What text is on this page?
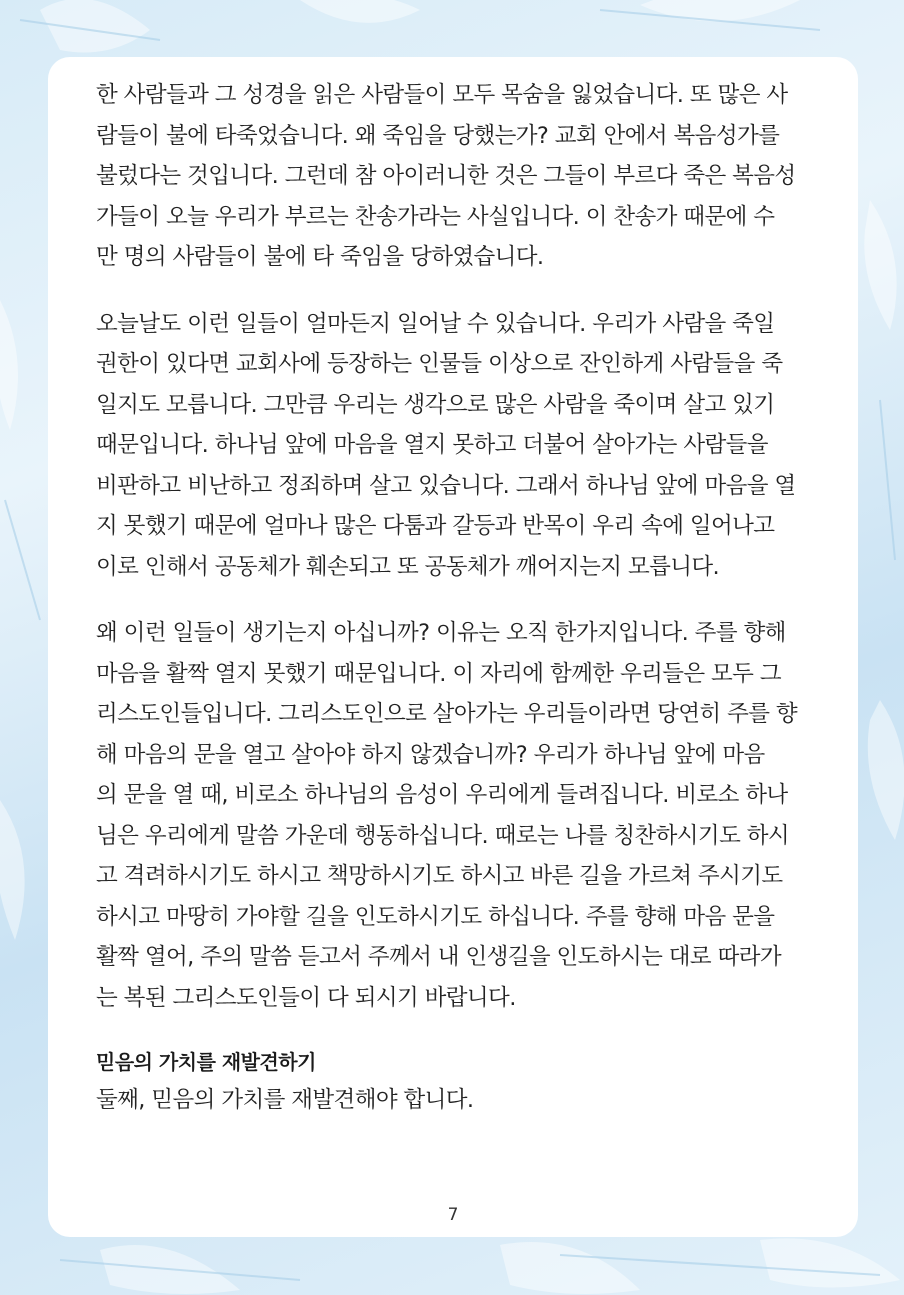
한 사람들과 그 성경을 읽은 사람들이 모두 목숨을 잃었습니다. 또 많은 사
람들이 불에 타죽었습니다. 왜 죽임을 당했는가? 교회 안에서 복음성가를
불렀다는 것입니다. 그런데 참 아이러니한 것은 그들이 부르다 죽은 복음성
가들이 오늘 우리가 부르는 찬송가라는 사실입니다. 이 찬송가 때문에 수
만 명의 사람들이 불에 타 죽임을 당하였습니다.
오늘날도 이런 일들이 얼마든지 일어날 수 있습니다. 우리가 사람을 죽일
권한이 있다면 교회사에 등장하는 인물들 이상으로 잔인하게 사람들을 죽
일지도 모릅니다. 그만큼 우리는 생각으로 많은 사람을 죽이며 살고 있기
때문입니다. 하나님 앞에 마음을 열지 못하고 더불어 살아가는 사람들을
비판하고 비난하고 정죄하며 살고 있습니다. 그래서 하나님 앞에 마음을 열
지 못했기 때문에 얼마나 많은 다툼과 갈등과 반목이 우리 속에 일어나고
이로 인해서 공동체가 훼손되고 또 공동체가 깨어지는지 모릅니다.
왜 이런 일들이 생기는지 아십니까? 이유는 오직 한가지입니다. 주를 향해
마음을 활짝 열지 못했기 때문입니다. 이 자리에 함께한 우리들은 모두 그
리스도인들입니다. 그리스도인으로 살아가는 우리들이라면 당연히 주를 향
해 마음의 문을 열고 살아야 하지 않겠습니까? 우리가 하나님 앞에 마음
의 문을 열 때, 비로소 하나님의 음성이 우리에게 들려집니다. 비로소 하나
님은 우리에게 말씀 가운데 행동하십니다. 때로는 나를 칭찬하시기도 하시
고 격려하시기도 하시고 책망하시기도 하시고 바른 길을 가르쳐 주시기도
하시고 마땅히 가야할 길을 인도하시기도 하십니다. 주를 향해 마음 문을
활짝 열어, 주의 말씀 듣고서 주께서 내 인생길을 인도하시는 대로 따라가
는 복된 그리스도인들이 다 되시기 바랍니다.
믿음의 가치를 재발견하기
둘째, 믿음의 가치를 재발견해야 합니다.
7
